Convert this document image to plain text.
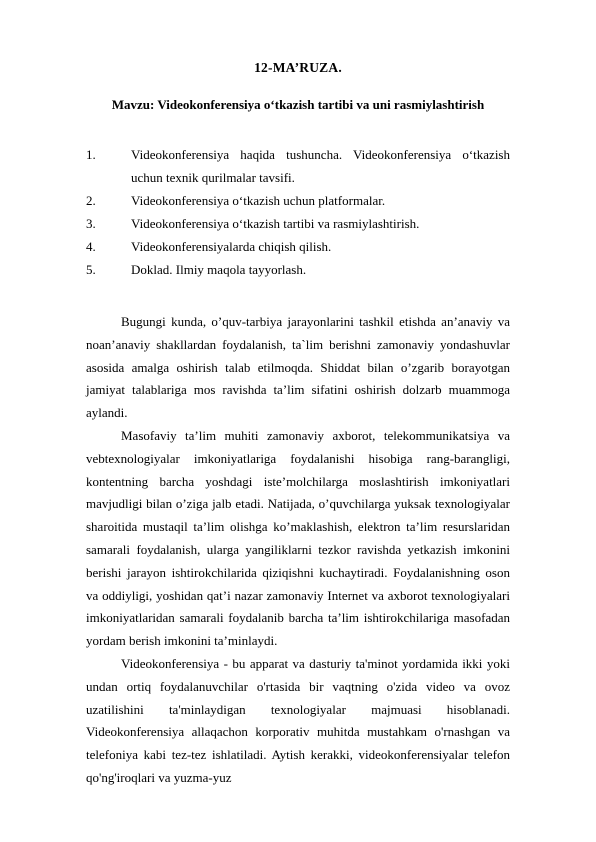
12-MA’RUZA.
Mavzu: Videokonferensiya o‘tkazish tartibi va uni rasmiylashtirish
1.	Videokonferensiya haqida tushuncha. Videokonferensiya o‘tkazish uchun texnik qurilmalar tavsifi.
2.	Videokonferensiya o‘tkazish uchun platformalar.
3.	Videokonferensiya o‘tkazish tartibi va rasmiylashtirish.
4.	Videokonferensiyalarda chiqish qilish.
5.	Doklad. Ilmiy maqola tayyorlash.

Bugungi kunda, o’quv-tarbiya jarayonlarini tashkil etishda an’anaviy va noan’anaviy shakllardan foydalanish, ta`lim berishni zamonaviy yondashuvlar asosida amalga oshirish talab etilmoqda. Shiddat bilan o’zgarib borayotgan jamiyat talablariga mos ravishda ta’lim sifatini oshirish dolzarb muammoga aylandi.

Masofaviy ta’lim muhiti zamonaviy axborot, telekommunikatsiya va vebtexnologiyalar imkoniyatlariga foydalanishi hisobiga rang-barangligi, kontentning barcha yoshdagi iste’molchilarga moslashtirish imkoniyatlari mavjudligi bilan o’ziga jalb etadi. Natijada, o’quvchilarga yuksak texnologiyalar sharoitida mustaqil ta’lim olishga ko’maklashish, elektron ta’lim resurslaridan samarali foydalanish, ularga yangiliklarni tezkor ravishda yetkazish imkonini berishi jarayon ishtirokchilarida qiziqishni kuchaytiradi. Foydalanishning oson va oddiyligi, yoshidan qat’i nazar zamonaviy Internet va axborot texnologiyalari imkoniyatlaridan samarali foydalanib barcha ta’lim ishtirokchilariga masofadan yordam berish imkonini ta’minlaydi.

Videokonferensiya - bu apparat va dasturiy ta'minot yordamida ikki yoki undan ortiq foydalanuvchilar o'rtasida bir vaqtning o'zida video va ovoz uzatilishini ta'minlaydigan texnologiyalar majmuasi hisoblanadi. Videokonferensiya allaqachon korporativ muhitda mustahkam o'rnashgan va telefoniya kabi tez-tez ishlatiladi. Aytish kerakki, videokonferensiyalar telefon qo'ng'iroqlari va yuzma-yuz
